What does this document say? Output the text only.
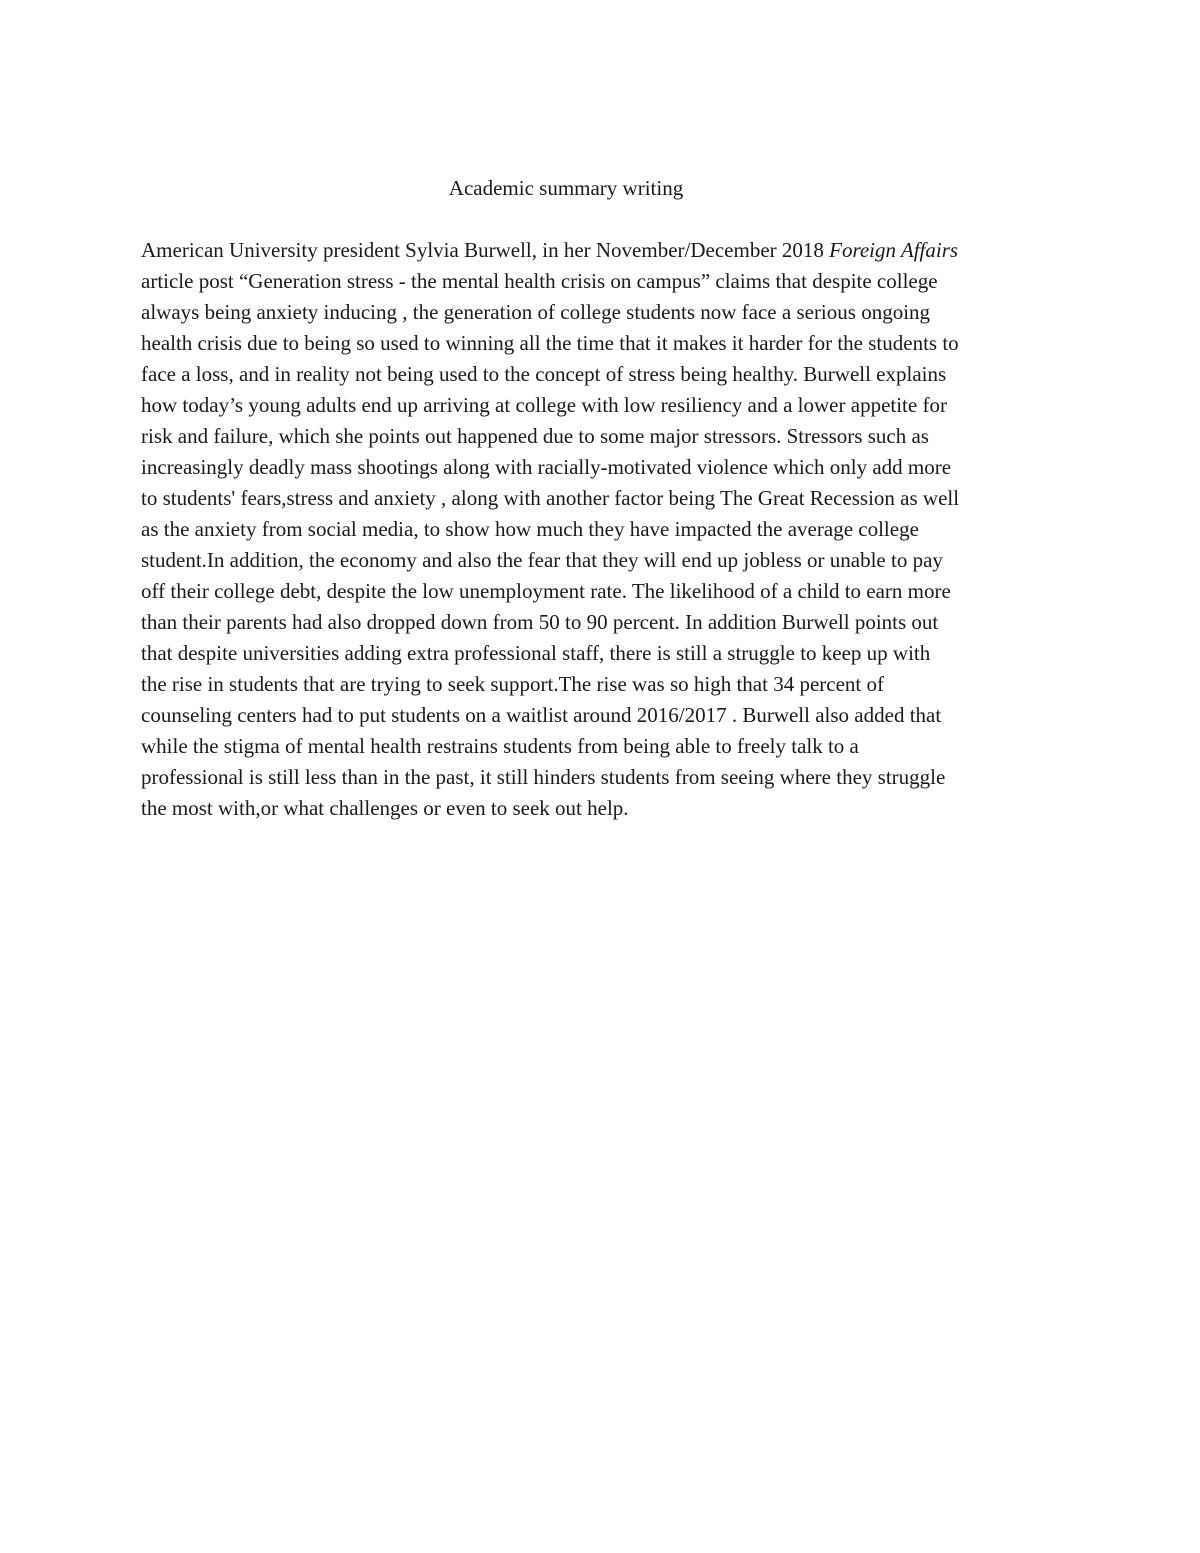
Academic summary writing
American University president Sylvia Burwell, in her November/December 2018 Foreign Affairs
article post “Generation stress - the mental health crisis on campus” claims that despite college
always being anxiety inducing , the generation of college students now face a serious ongoing
health crisis due to being so used to winning all the time that it makes it harder for the students to
face a loss, and in reality not being used to the concept of stress being healthy. Burwell explains
how today’s young adults end up arriving at college with low resiliency and a lower appetite for
risk and failure, which she points out happened due to some major stressors. Stressors such as
increasingly deadly mass shootings along with racially-motivated violence which only add more
to students' fears,stress and anxiety , along with another factor being The Great Recession as well
as the anxiety from social media, to show how much they have impacted the average college
student.In addition, the economy and also the fear that they will end up jobless or unable to pay
off their college debt, despite the low unemployment rate. The likelihood of a child to earn more
than their parents had also dropped down from 50 to 90 percent. In addition Burwell points out
that despite universities adding extra professional staff, there is still a struggle to keep up with
the rise in students that are trying to seek support.The rise was so high that 34 percent of
counseling centers had to put students on a waitlist around 2016/2017 . Burwell also added that
while the stigma of mental health restrains students from being able to freely talk to a
professional is still less than in the past, it still hinders students from seeing where they struggle
the most with,or what challenges or even to seek out help.
